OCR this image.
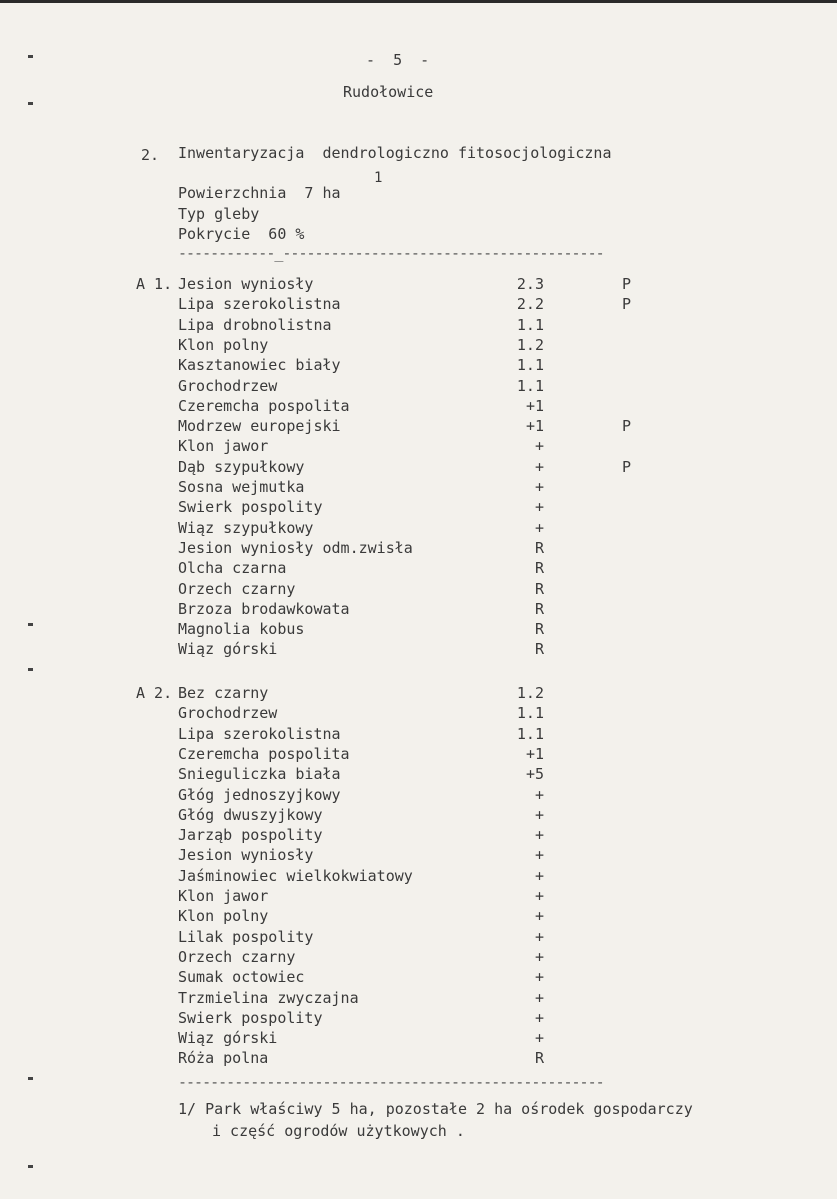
-  5  -
Rudołowice
2. Inwentaryzacja  dendrologiczno fitosocjologiczna
Powierzchnia  7 ha
1
Typ gleby
Pokrycie  60 %
------------_----------------------------------------
A 1. Jesion wyniosły	2.3	P
Lipa szerokolistna	2.2	P
Lipa drobnolistna	1.1
Klon polny	1.2
Kasztanowiec biały	1.1
Grochodrzew	1.1
Czeremcha pospolita	+1
Modrzew europejski	+1	P
Klon jawor	+
Dąb szypułkowy	+	P
Sosna wejmutka	+
Swierk pospolity	+
Wiąz szypułkowy	+
Jesion wyniosły odm.zwisła	R
Olcha czarna	R
Orzech czarny	R
Brzoza brodawkowata	R
Magnolia kobus	R
Wiąz górski	R
A 2. Bez czarny	1.2
Grochodrzew	1.1
Lipa szerokolistna	1.1
Czeremcha pospolita	+1
Snieguliczka biała	+5
Głóg jednoszyjkowy	+
Głóg dwuszyjkowy	+
Jarząb pospolity	+
Jesion wyniosły	+
Jaśminowiec wielkokwiatowy	+
Klon jawor	+
Klon polny	+
Lilak pospolity	+
Orzech czarny	+
Sumak octowiec	+
Trzmielina zwyczajna	+
Swierk pospolity	+
Wiąz górski	+
Róża polna	R
-----------------------------------------------------
1/ Park właściwy 5 ha, pozostałe 2 ha ośrodek gospodarczy
i część ogrodów użytkowych .
